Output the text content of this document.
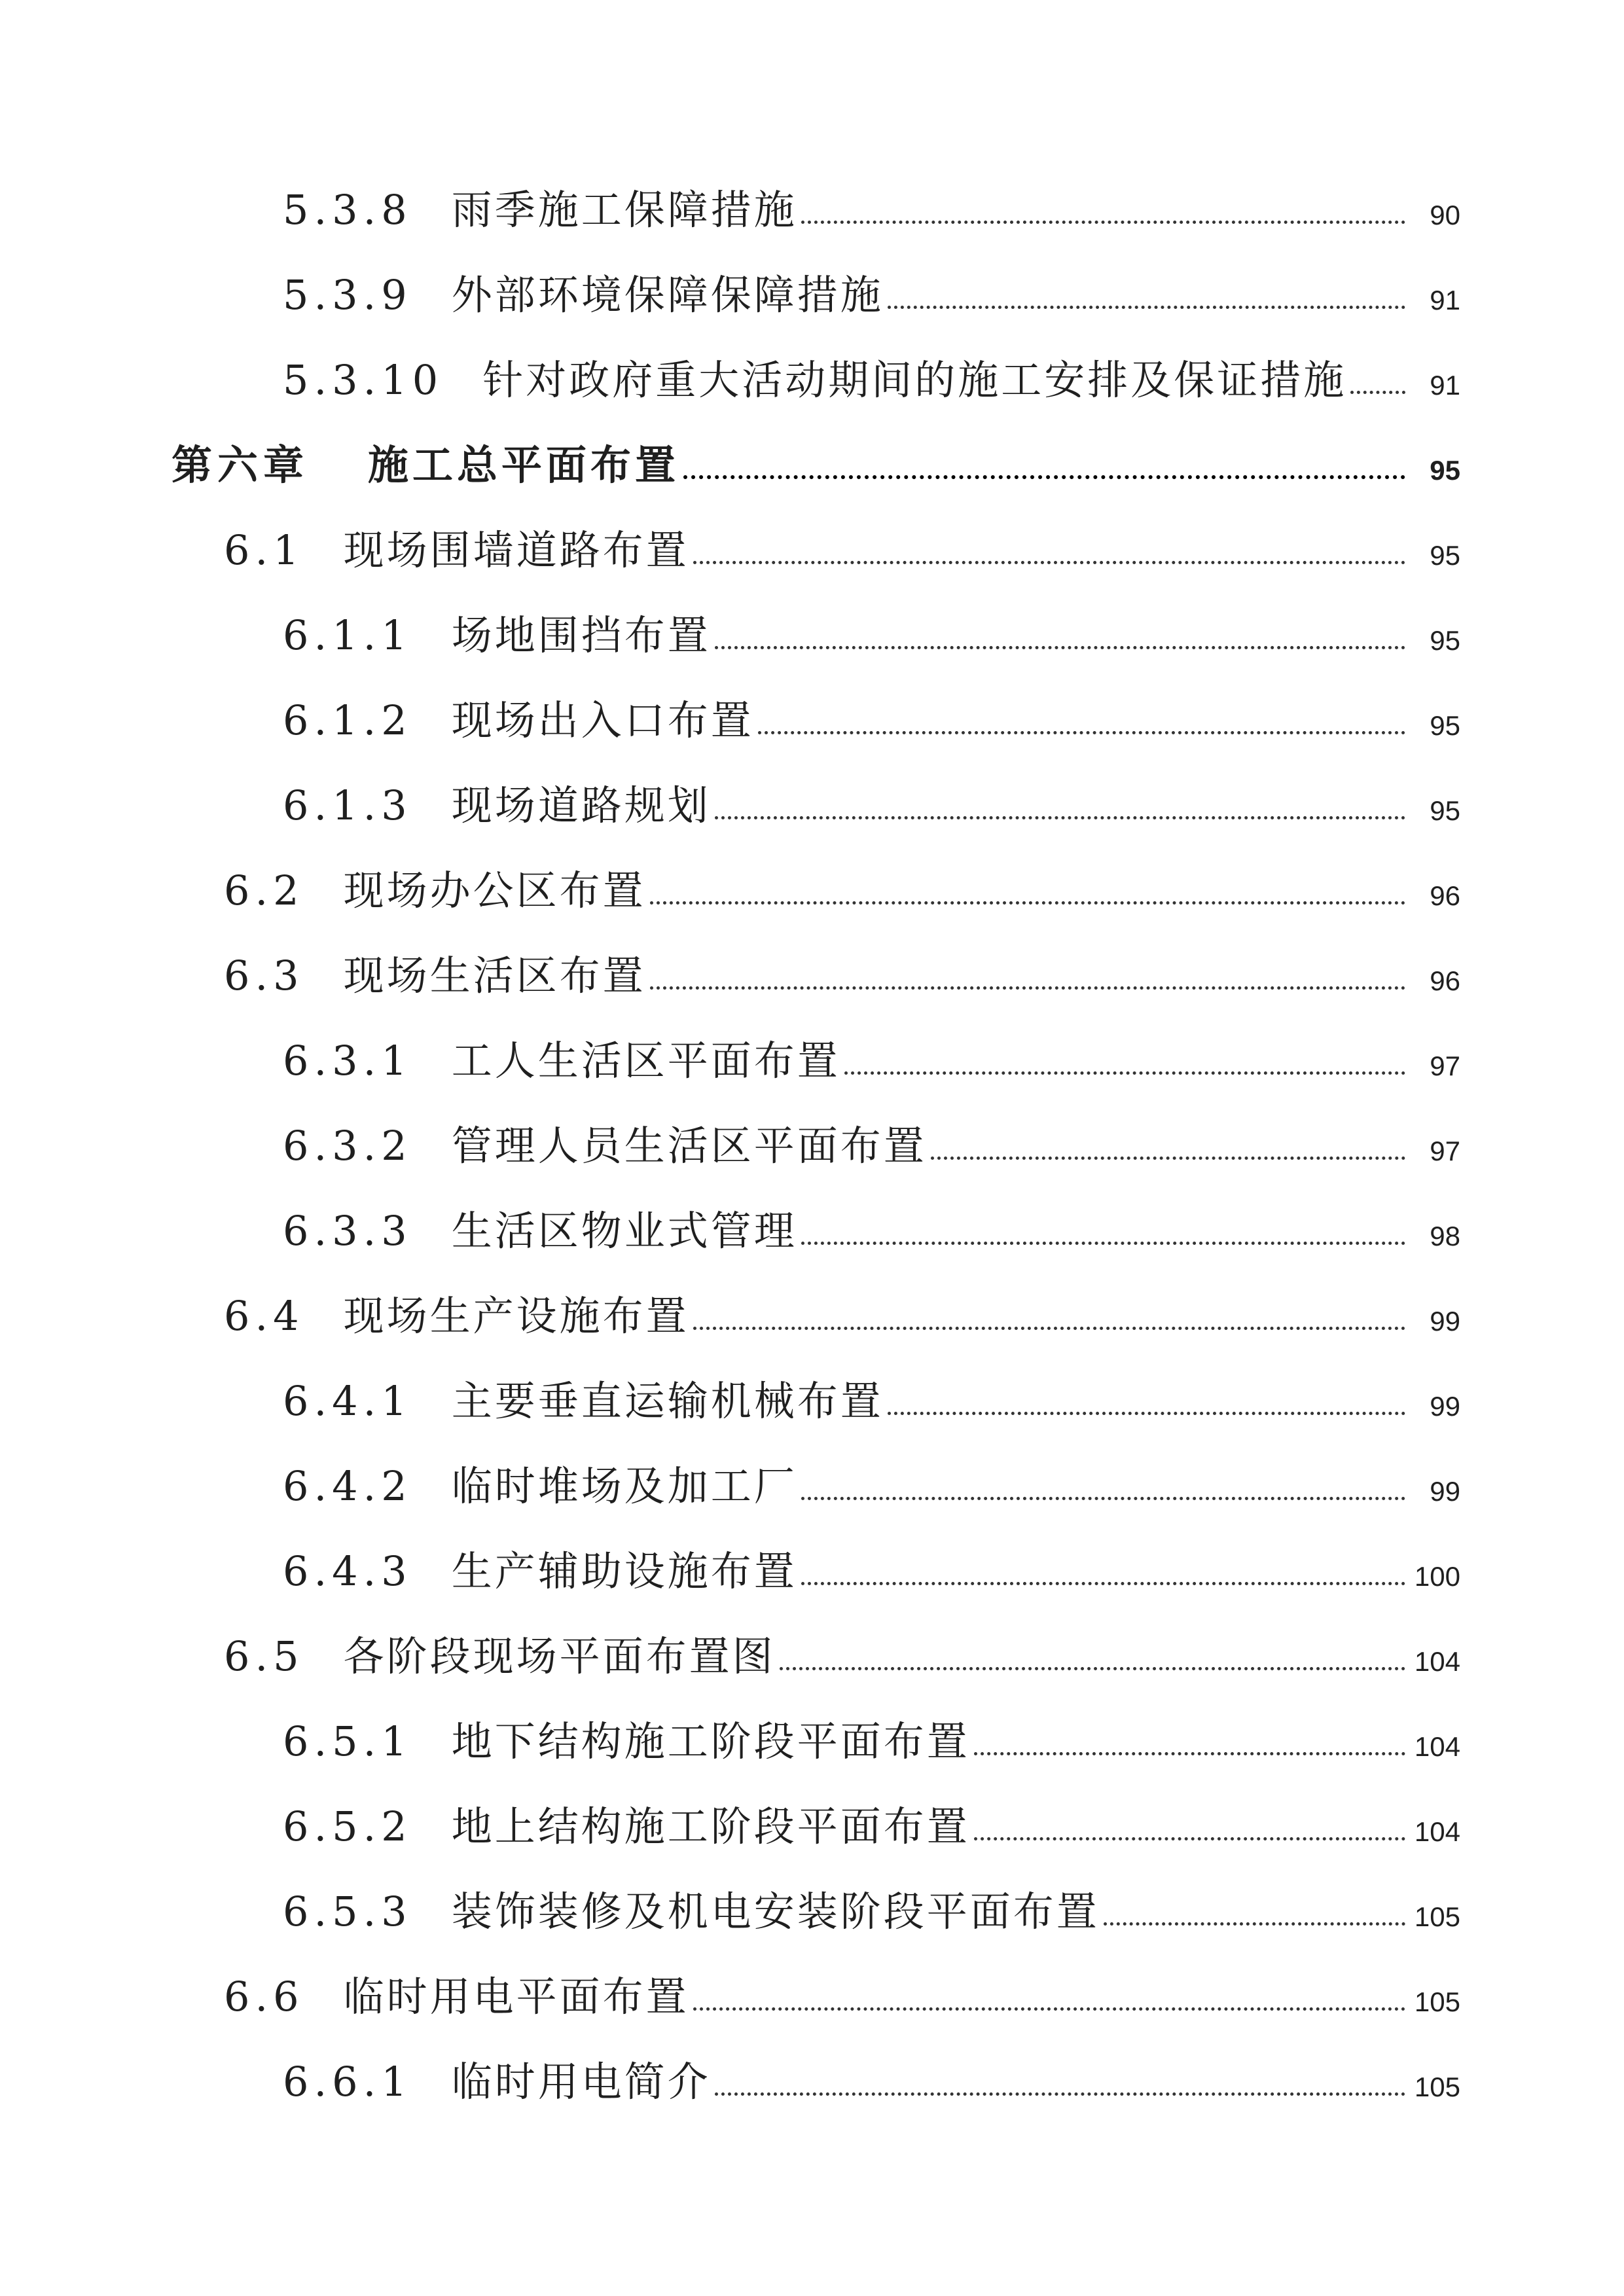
5.3.8 雨季施工保障措施	90
5.3.9 外部环境保障保障措施	91
5.3.10 针对政府重大活动期间的施工安排及保证措施	91
第六章 施工总平面布置	95
6.1 现场围墙道路布置	95
6.1.1 场地围挡布置	95
6.1.2 现场出入口布置	95
6.1.3 现场道路规划	95
6.2 现场办公区布置	96
6.3 现场生活区布置	96
6.3.1 工人生活区平面布置	97
6.3.2 管理人员生活区平面布置	97
6.3.3 生活区物业式管理	98
6.4 现场生产设施布置	99
6.4.1 主要垂直运输机械布置	99
6.4.2 临时堆场及加工厂	99
6.4.3 生产辅助设施布置	100
6.5 各阶段现场平面布置图	104
6.5.1 地下结构施工阶段平面布置	104
6.5.2 地上结构施工阶段平面布置	104
6.5.3 装饰装修及机电安装阶段平面布置	105
6.6 临时用电平面布置	105
6.6.1 临时用电简介	105
